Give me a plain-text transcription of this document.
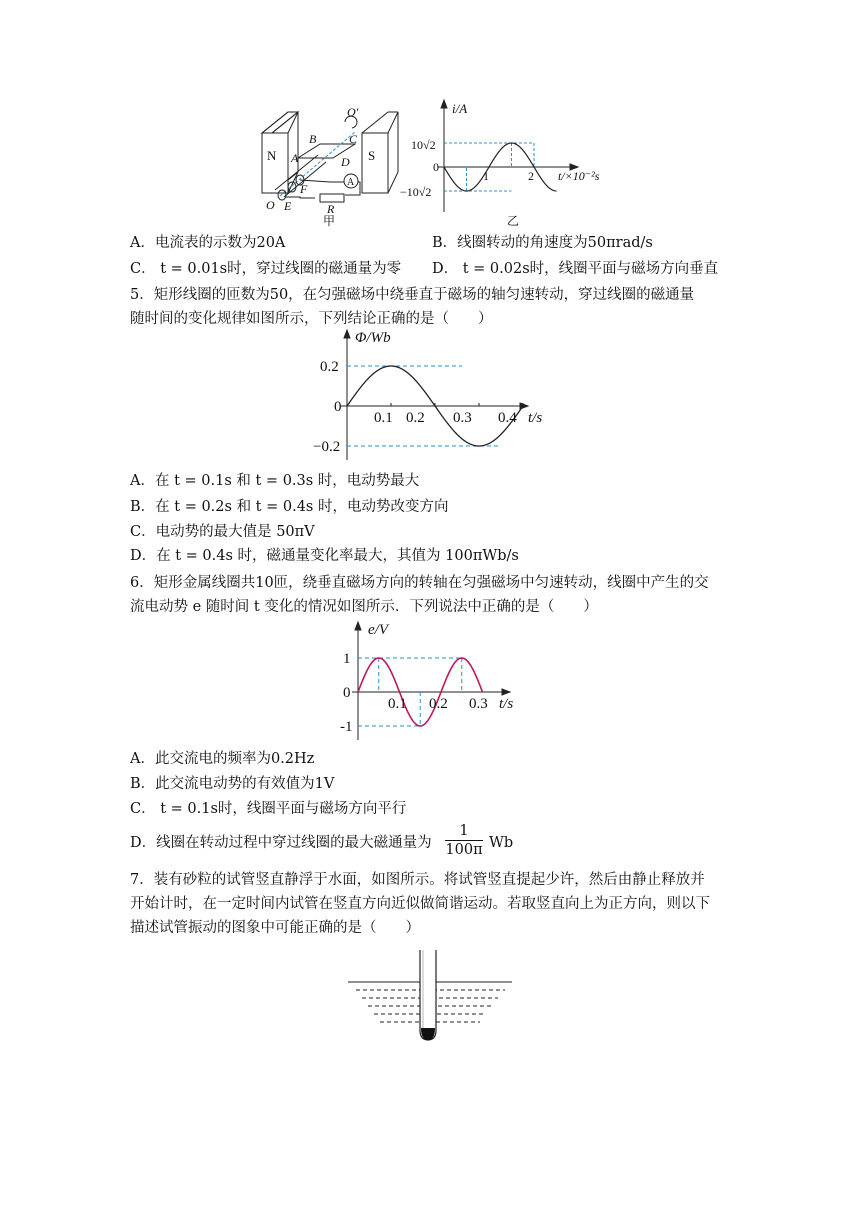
N	S
A
O′
B	C
A	D
F
E
O	R
甲
i/A
10√2
0
−10√2
1	2 t/×10⁻²s
乙
A．电流表的示数为20A	B．线圈转动的角速度为50πrad/s
C． t = 0.01s时，穿过线圈的磁通量为零 D． t = 0.02s时，线圈平面与磁场方向垂直
5．矩形线圈的匝数为50，在匀强磁场中绕垂直于磁场的轴匀速转动，穿过线圈的磁通量
随时间的变化规律如图所示，下列结论正确的是（　　）
Φ/Wb
0.2
0
−0.2
0.1 0.2 0.3 0.4 t/s
A．在 t = 0.1s 和 t = 0.3s 时，电动势最大
B．在 t = 0.2s 和 t = 0.4s 时，电动势改变方向
C．电动势的最大值是 50πV
D．在 t = 0.4s 时，磁通量变化率最大，其值为 100πWb/s
6．矩形金属线圈共10匝，绕垂直磁场方向的转轴在匀强磁场中匀速转动，线圈中产生的交
流电动势 e 随时间 t 变化的情况如图所示．下列说法中正确的是（　　）
e/V
1
0
-1
0.1 0.2 0.3 t/s
A．此交流电的频率为0.2Hz
B．此交流电动势的有效值为1V
C． t = 0.1s时，线圈平面与磁场方向平行
D．线圈在转动过程中穿过线圈的最大磁通量为
1
100π Wb
7．装有砂粒的试管竖直静浮于水面，如图所示。将试管竖直提起少许，然后由静止释放并
开始计时，在一定时间内试管在竖直方向近似做简谐运动。若取竖直向上为正方向，则以下
描述试管振动的图象中可能正确的是（　　）
